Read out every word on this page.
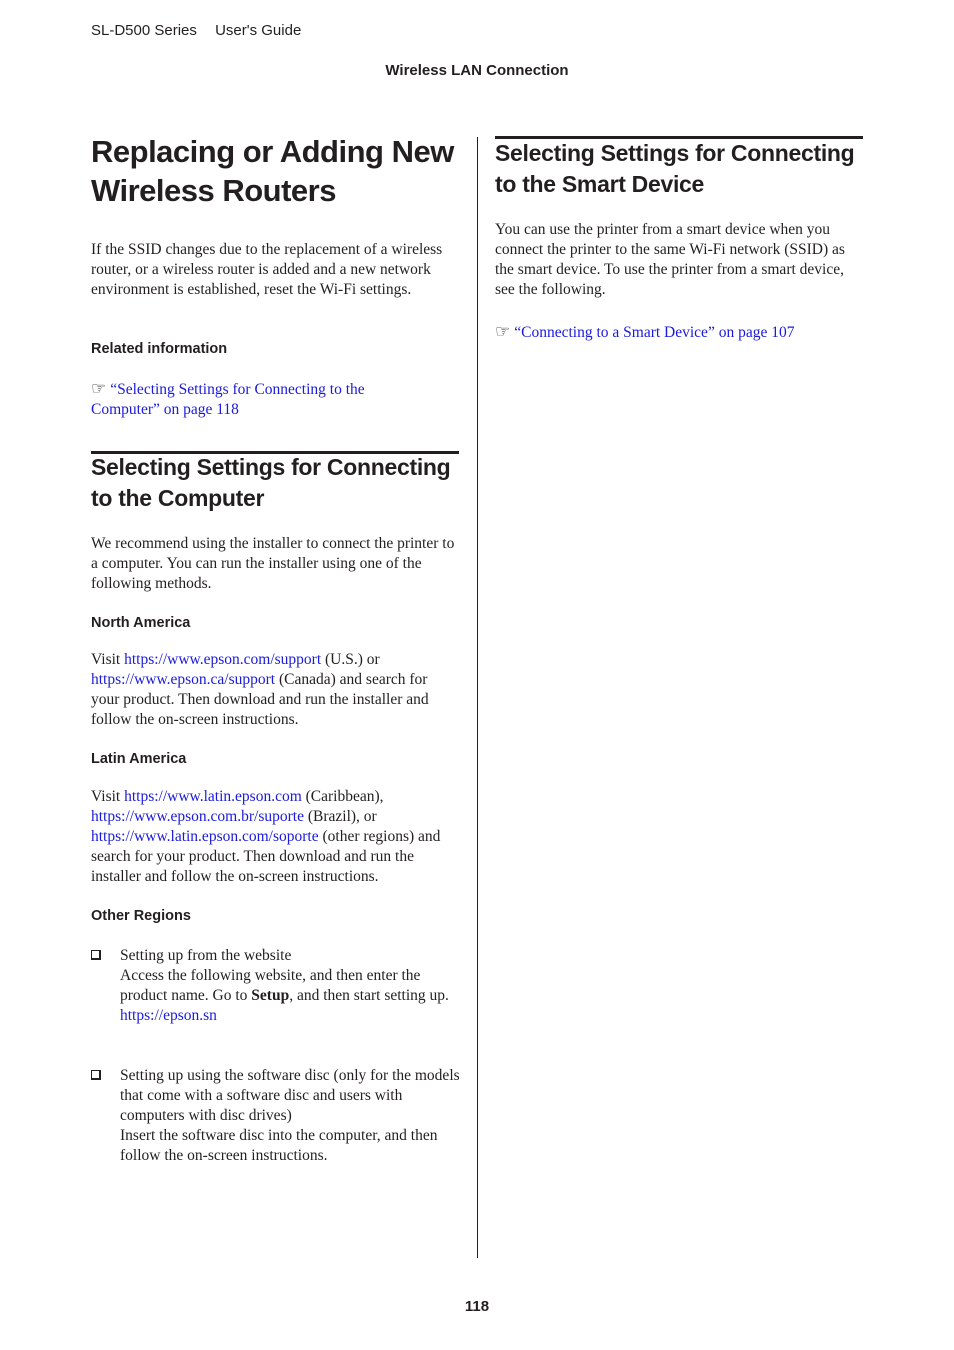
SL-D500 Series User's Guide
Wireless LAN Connection
Replacing or Adding New Wireless Routers

If the SSID changes due to the replacement of a wireless router, or a wireless router is added and a new network environment is established, reset the Wi-Fi settings.

Related information

☞ “Selecting Settings for Connecting to the Computer” on page 118

Selecting Settings for Connecting to the Computer

We recommend using the installer to connect the printer to a computer. You can run the installer using one of the following methods.

North America

Visit https://www.epson.com/support (U.S.) or https://www.epson.ca/support (Canada) and search for your product. Then download and run the installer and follow the on-screen instructions.

Latin America

Visit https://www.latin.epson.com (Caribbean), https://www.epson.com.br/suporte (Brazil), or https://www.latin.epson.com/soporte (other regions) and search for your product. Then download and run the installer and follow the on-screen instructions.

Other Regions

Setting up from the website
Access the following website, and then enter the product name. Go to Setup, and then start setting up.
https://epson.sn

Setting up using the software disc (only for the models that come with a software disc and users with computers with disc drives)
Insert the software disc into the computer, and then follow the on-screen instructions.

Selecting Settings for Connecting to the Smart Device

You can use the printer from a smart device when you connect the printer to the same Wi-Fi network (SSID) as the smart device. To use the printer from a smart device, see the following.

☞ “Connecting to a Smart Device” on page 107

118
